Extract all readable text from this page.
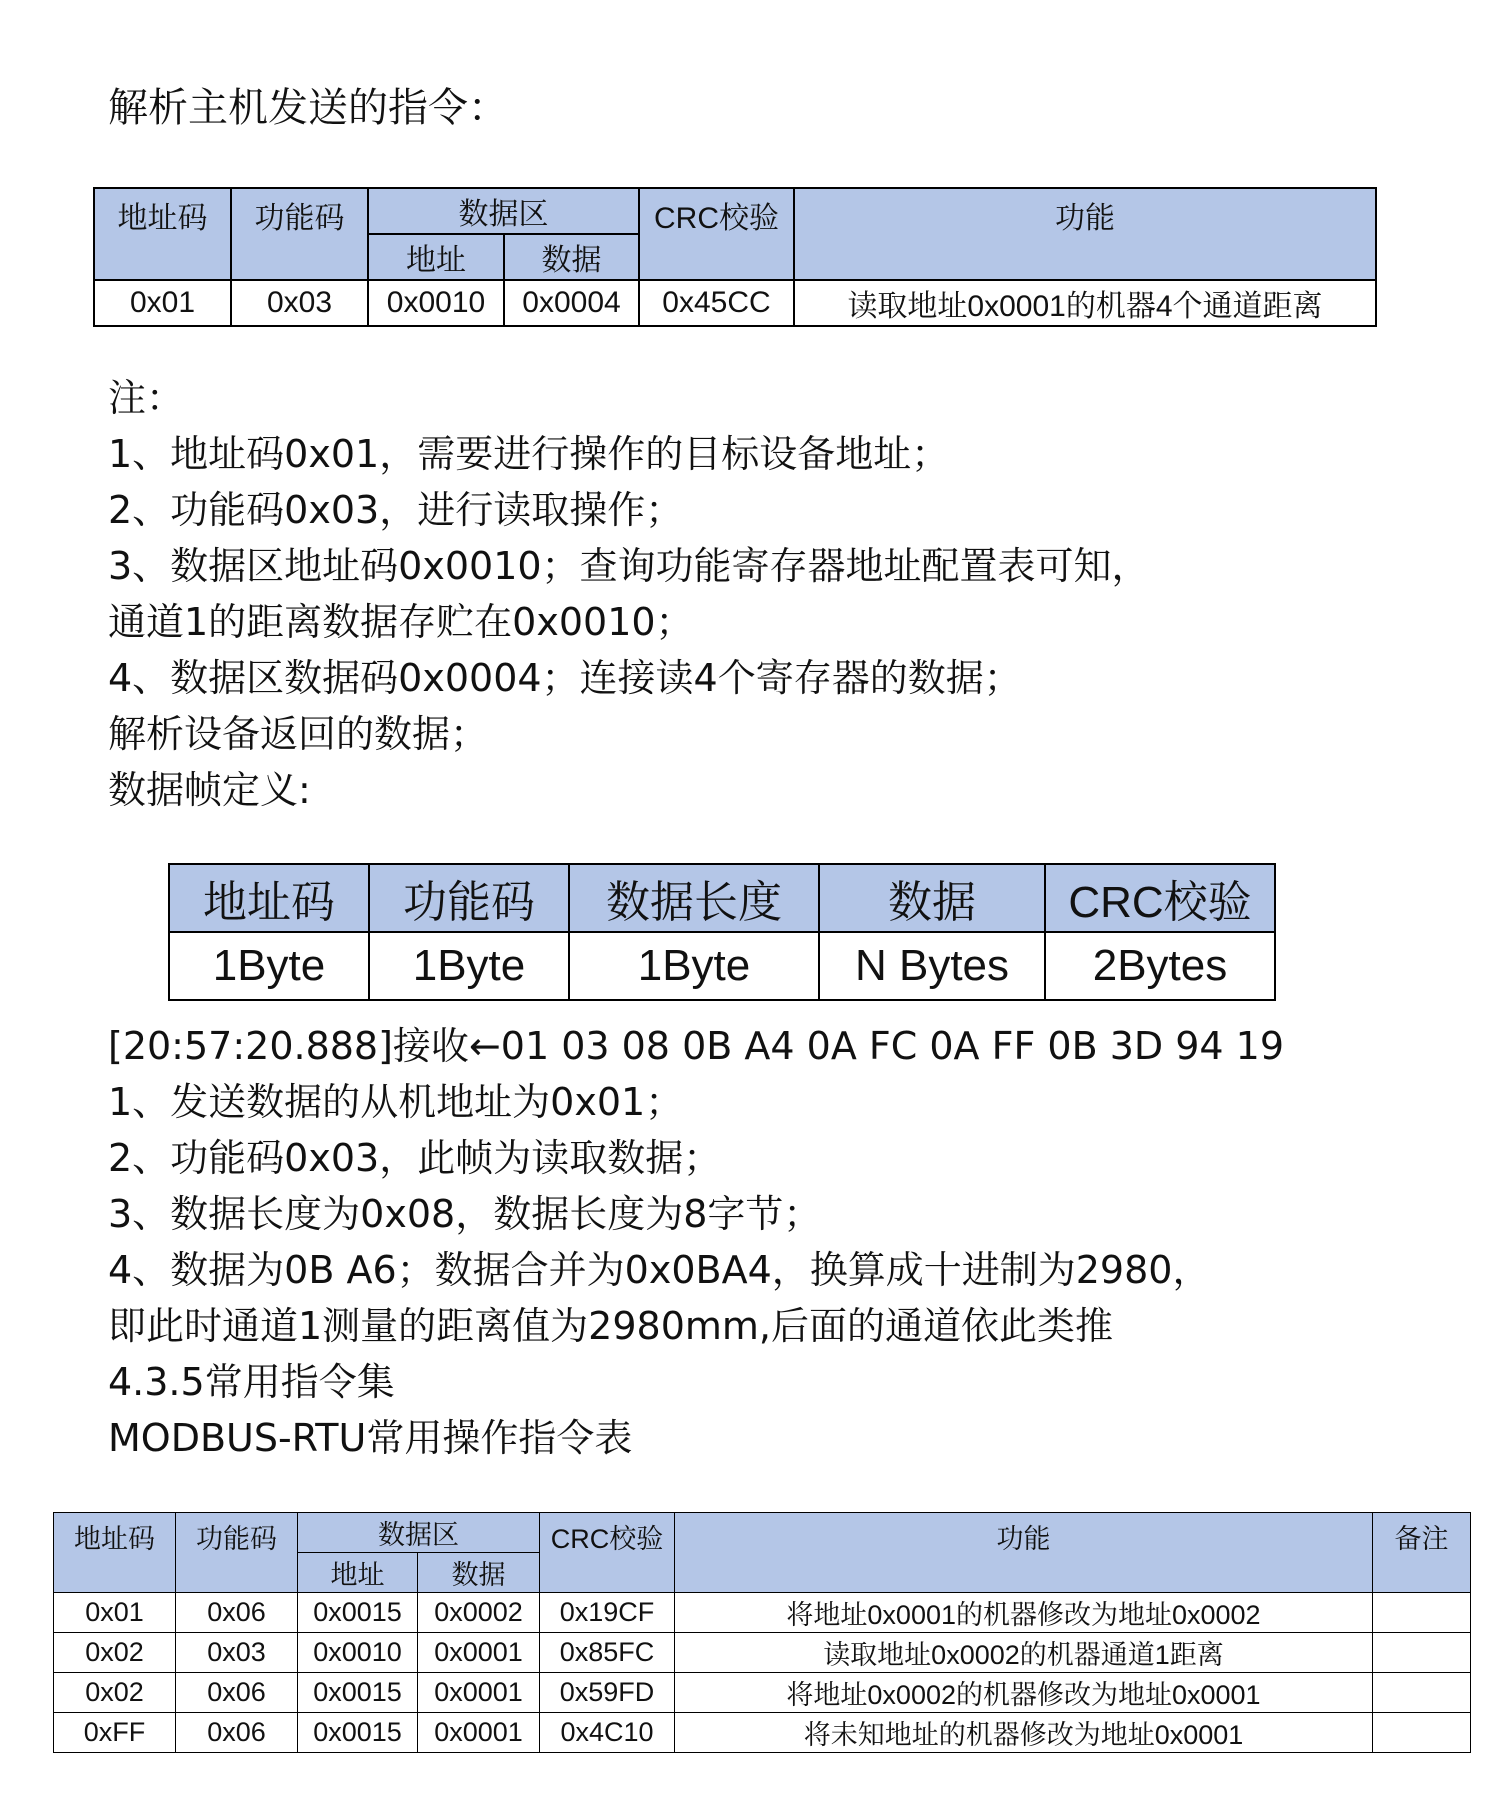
解析主机发送的指令：
地址码	功能码	数据区		CRC校验	功能
		地址	数据		
0x01	0x03	0x0010	0x0004	0x45CC	读取地址0x0001的机器4个通道距离
注：
1、地址码0x01，需要进行操作的目标设备地址；
2、功能码0x03，进行读取操作；
3、数据区地址码0x0010；查询功能寄存器地址配置表可知，
通道1的距离数据存贮在0x0010；
4、数据区数据码0x0004；连接读4个寄存器的数据；
解析设备返回的数据；
数据帧定义:
地址码	功能码	数据长度	数据	CRC校验
1Byte	1Byte	1Byte	N Bytes	2Bytes
[20:57:20.888]接收←01 03 08 0B A4 0A FC 0A FF 0B 3D 94 19
1、发送数据的从机地址为0x01；
2、功能码0x03，此帧为读取数据；
3、数据长度为0x08，数据长度为8字节；
4、数据为0B A6；数据合并为0x0BA4，换算成十进制为2980，
即此时通道1测量的距离值为2980mm,后面的通道依此类推
4.3.5常用指令集
MODBUS-RTU常用操作指令表
地址码	功能码	数据区		CRC校验	功能	备注
		地址	数据			
0x01	0x06	0x0015	0x0002	0x19CF	将地址0x0001的机器修改为地址0x0002	
0x02	0x03	0x0010	0x0001	0x85FC	读取地址0x0002的机器通道1距离	
0x02	0x06	0x0015	0x0001	0x59FD	将地址0x0002的机器修改为地址0x0001	
0xFF	0x06	0x0015	0x0001	0x4C10	将未知地址的机器修改为地址0x0001	
